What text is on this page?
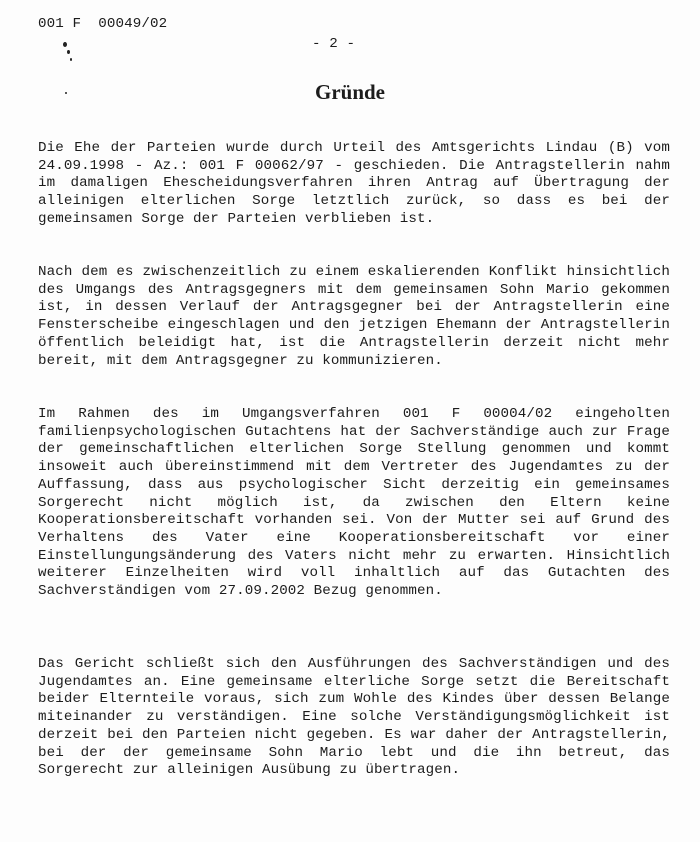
001 F  00049/02
- 2 -
Gründe

Die Ehe der Parteien wurde durch Urteil des Amtsgerichts Lindau (B) vom 24.09.1998 - Az.: 001 F 00062/97 - geschieden. Die Antragstellerin nahm im damaligen Ehescheidungsverfahren ihren Antrag auf Übertragung der alleinigen elterlichen Sorge letztlich zurück, so dass es bei der gemeinsamen Sorge der Parteien verblieben ist.

Nach dem es zwischenzeitlich zu einem eskalierenden Konflikt hinsichtlich des Umgangs des Antragsgegners mit dem gemeinsamen Sohn Mario gekommen ist, in dessen Verlauf der Antragsgegner bei der Antragstellerin eine Fensterscheibe eingeschlagen und den jetzigen Ehemann der Antragstellerin öffentlich beleidigt hat, ist die Antragstellerin derzeit nicht mehr bereit, mit dem Antragsgegner zu kommunizieren.

Im Rahmen des im Umgangsverfahren 001 F 00004/02 eingeholten familienpsychologischen Gutachtens hat der Sachverständige auch zur Frage der gemeinschaftlichen elterlichen Sorge Stellung genommen und kommt insoweit auch übereinstimmend mit dem Vertreter des Jugendamtes zu der Auffassung, dass aus psychologischer Sicht derzeitig ein gemeinsames Sorgerecht nicht möglich ist, da zwischen den Eltern keine Kooperationsbereitschaft vorhanden sei. Von der Mutter sei auf Grund des Verhaltens des Vater eine Kooperationsbereitschaft vor einer Einstellungungsänderung des Vaters nicht mehr zu erwarten. Hinsichtlich weiterer Einzelheiten wird voll inhaltlich auf das Gutachten des Sachverständigen vom 27.09.2002 Bezug genommen.

Das Gericht schließt sich den Ausführungen des Sachverständigen und des Jugendamtes an. Eine gemeinsame elterliche Sorge setzt die Bereitschaft beider Elternteile voraus, sich zum Wohle des Kindes über dessen Belange miteinander zu verständigen. Eine solche Verständigungsmöglichkeit ist derzeit bei den Parteien nicht gegeben. Es war daher der Antragstellerin, bei der der gemeinsame Sohn Mario lebt und die ihn betreut, das Sorgerecht zur alleinigen Ausübung zu übertragen.
